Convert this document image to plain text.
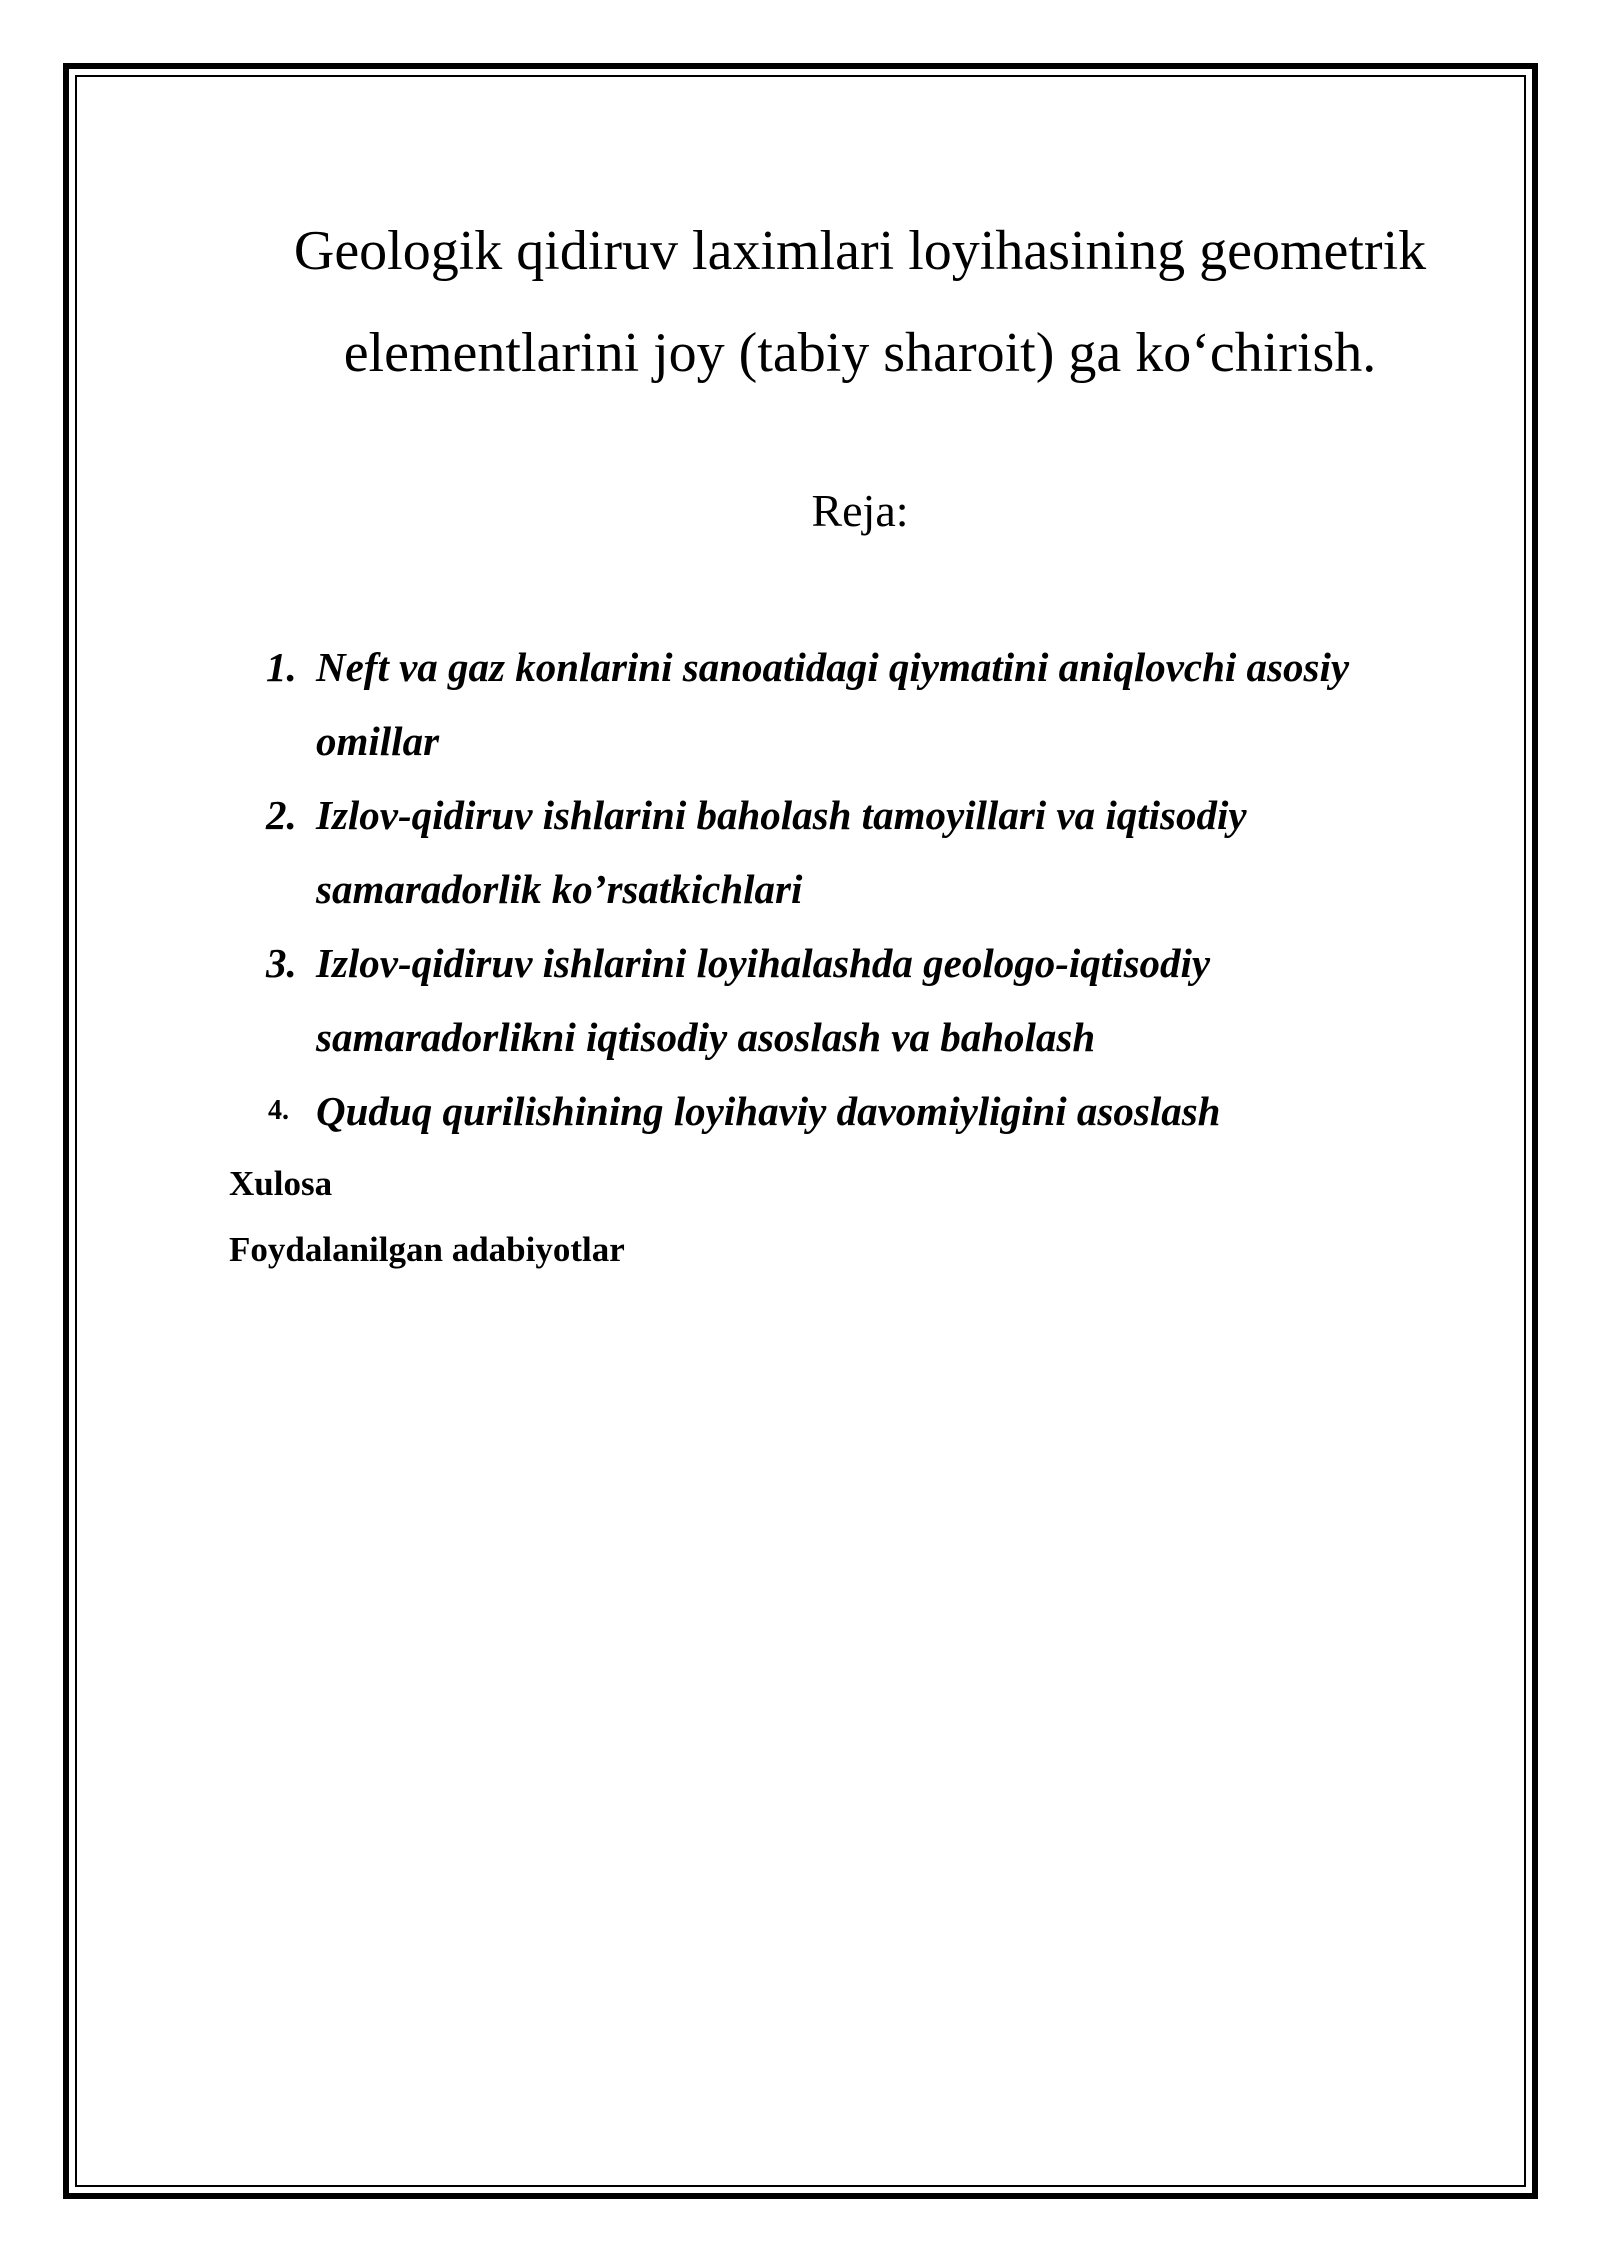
Geologik qidiruv laximlari loyihasining geometrik elementlarini joy (tabiy sharoit) ga ko‘chirish.
Reja:
1. Neft va gaz konlarini sanoatidagi qiymatini aniqlovchi asosiy omillar
2. Izlov-qidiruv ishlarini baholash tamoyillari va iqtisodiy samaradorlik ko’rsatkichlari
3. Izlov-qidiruv ishlarini loyihalashda geologo-iqtisodiy samaradorlikni iqtisodiy asoslash va baholash
4. Quduq qurilishining loyihaviy davomiyligini asoslash

Xulosa

Foydalanilgan adabiyotlar
